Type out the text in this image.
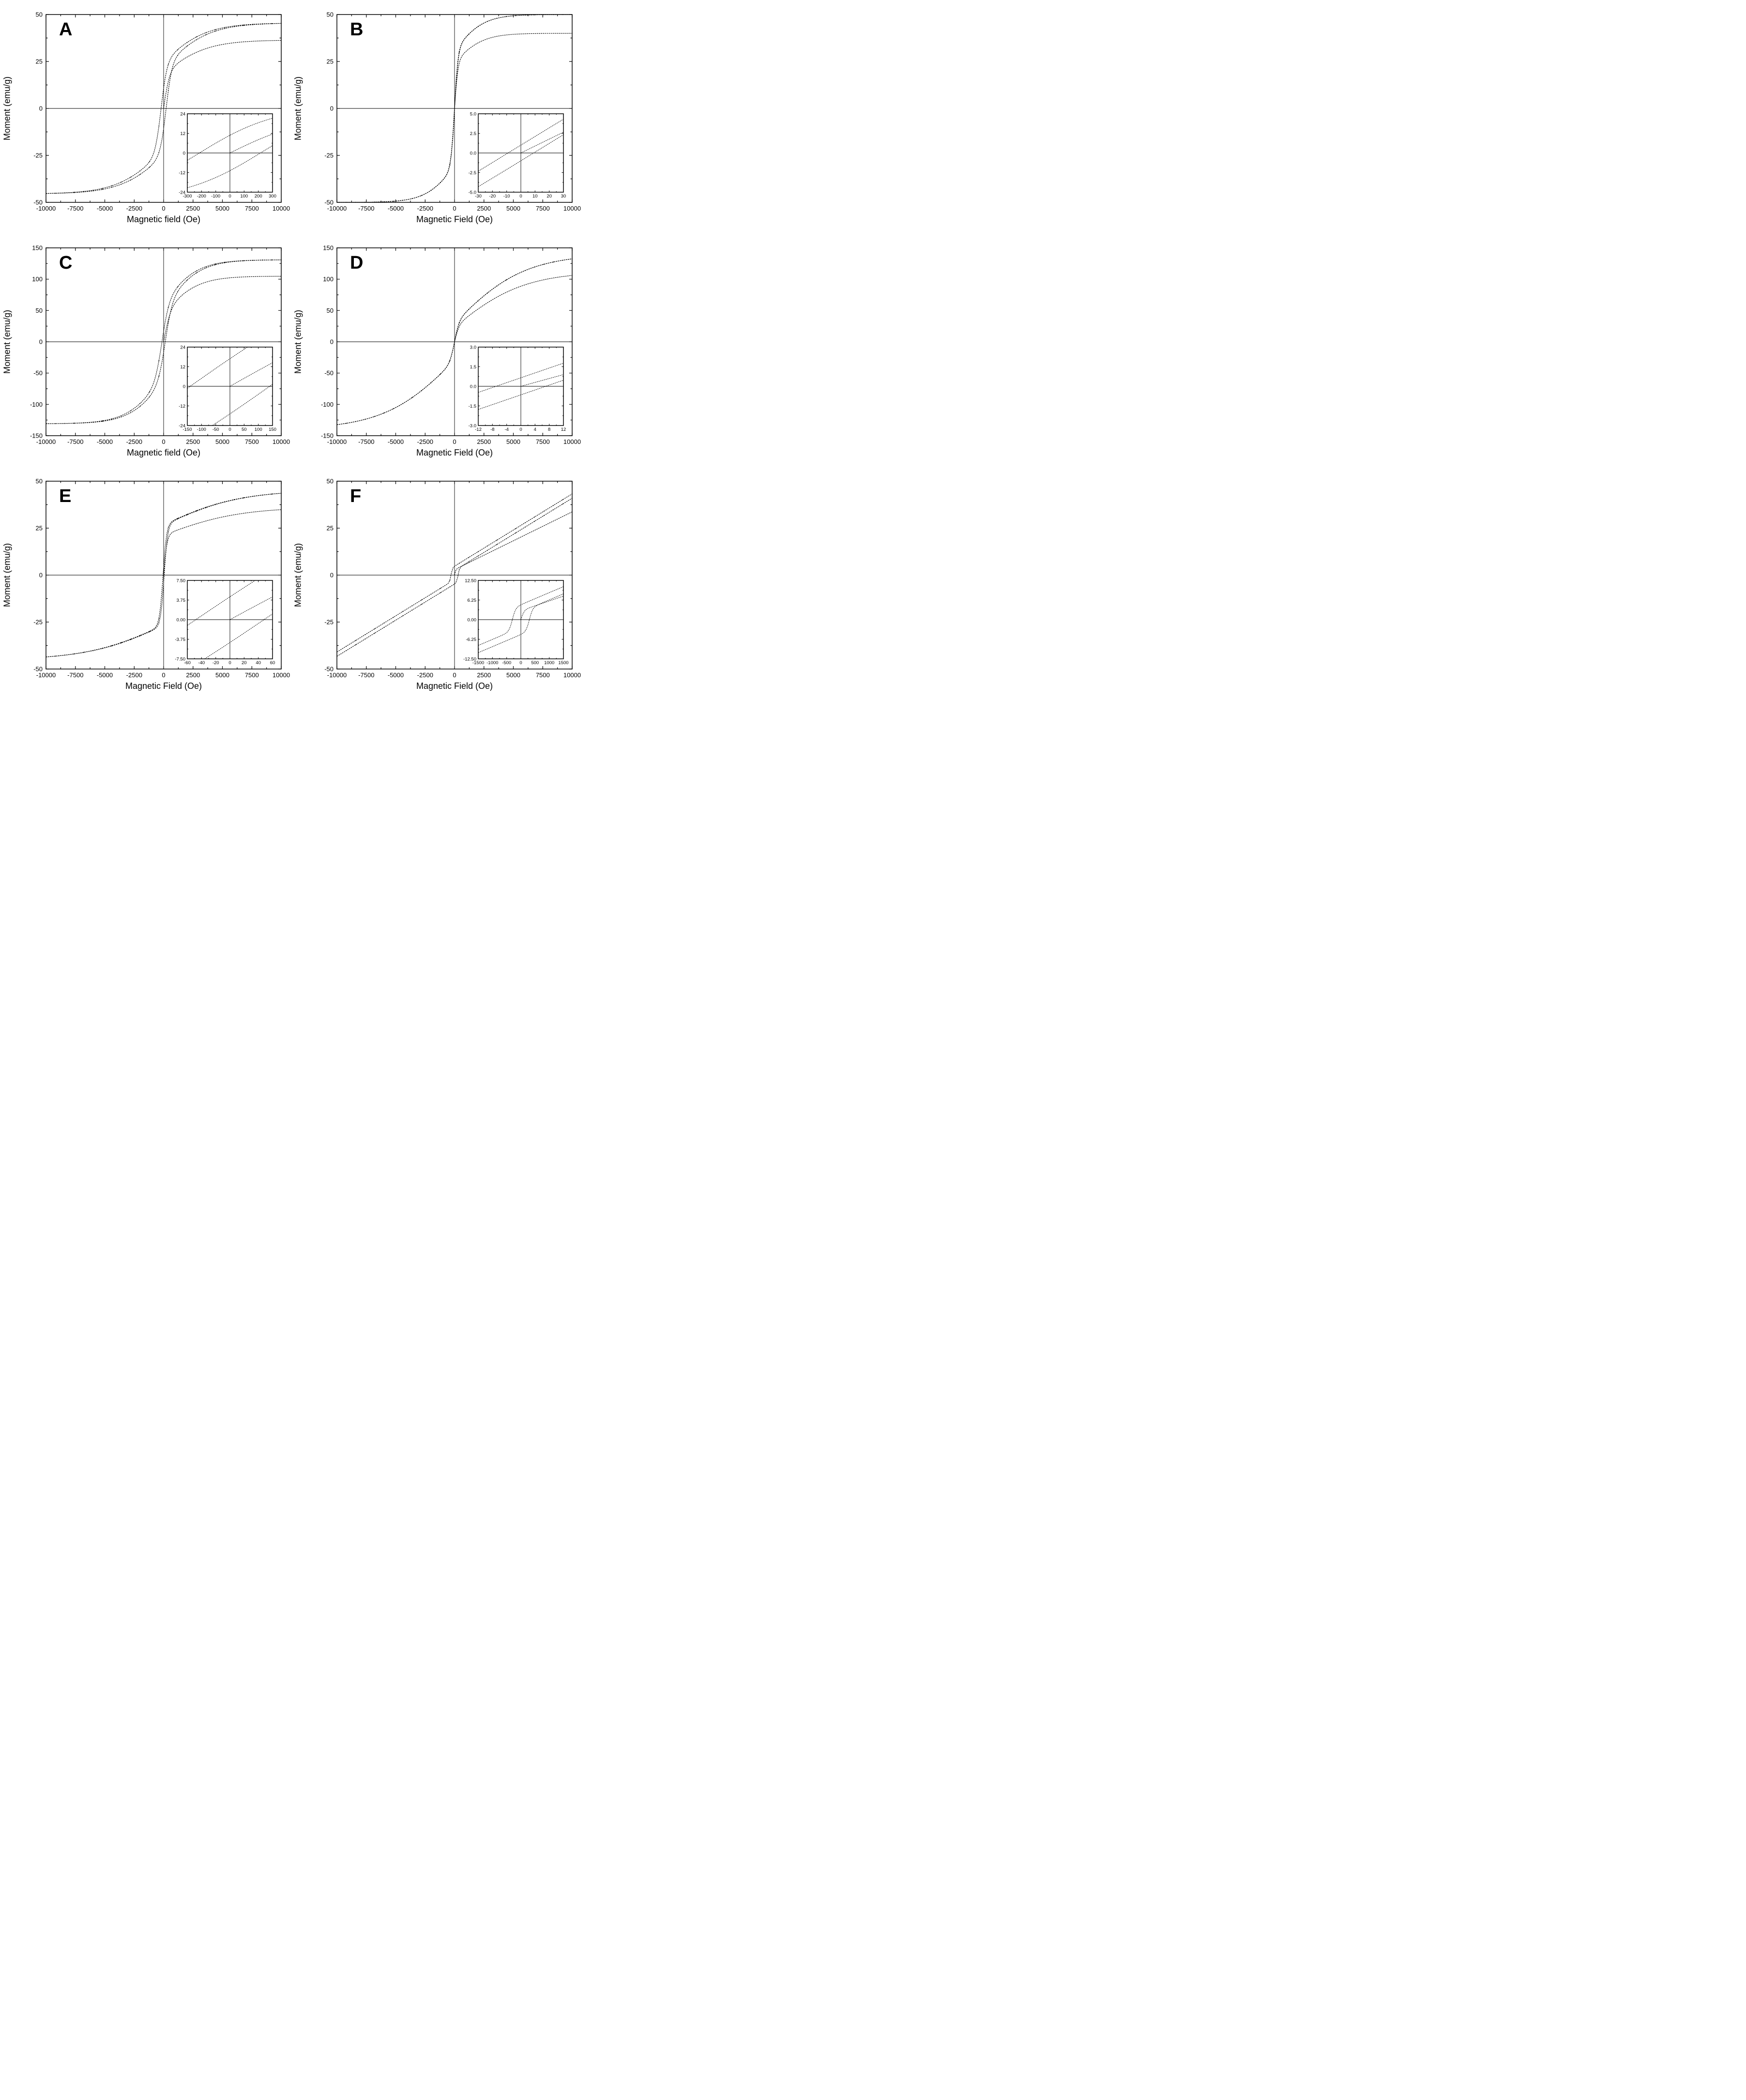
-10000 -7500 -5000 -2500	0	2500 5000 7500 10000
-50
-25
0
25
50
-300 -200 -100 0 100 200 300
-24
-12
0
12
24
A
Moment (emu/g)
Magnetic field (Oe)
-10000 -7500 -5000 -2500	0	2500 5000 7500 10000
-50
-25
0
25
50
-30 -20 -10 0 10 20 30
-5.0
-2.5
0.0
2.5
5.0
B
Moment (emu/g)
Magnetic Field (Oe)
-10000 -7500 -5000 -2500	0	2500 5000 7500 10000
-150
-100
-50
0
50
100
150
-150 -100 -50 0 50 100 150
-24
-12
0
12
24
C
Moment (emu/g)
Magnetic field (Oe)
-10000 -7500 -5000 -2500	0	2500 5000 7500 10000
-150
-100
-50
0
50
100
150
-12 -8 -4 0	4	8 12
-3.0
-1.5
0.0
1.5
3.0
D
Moment (emu/g)
Magnetic Field (Oe)
-10000 -7500 -5000 -2500	0	2500 5000 7500 10000
-50
-25
0
25
50
-60 -40 -20 0 20 40 60
-7.50
-3.75
0.00
3.75
7.50
E
Moment (emu/g)
Magnetic Field (Oe)
-10000 -7500 -5000 -2500	0	2500 5000 7500 10000
-50
-25
0
25
50
-1500 -1000 -500 0 500 1000 1500
-12.50
-6.25
0.00
6.25
12.50
F
Moment (emu/g)
Magnetic Field (Oe)
